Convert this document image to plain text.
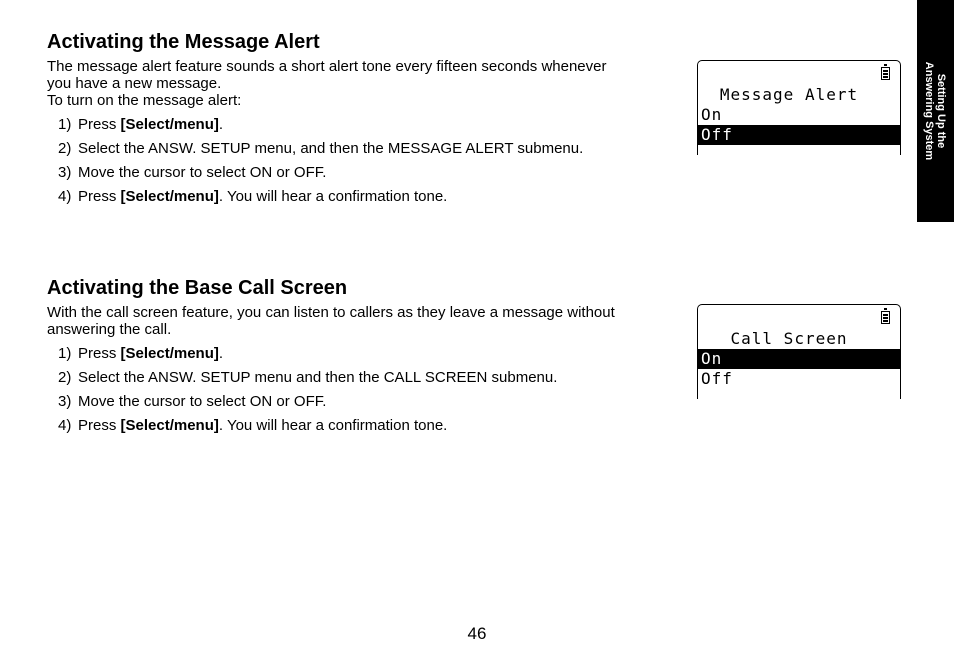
Activating the Message Alert

The message alert feature sounds a short alert tone every fifteen seconds whenever
you have a new message.
To turn on the message alert:

1) Press [Select/menu].
2) Select the ANSW. SETUP menu, and then the MESSAGE ALERT submenu.
3) Move the cursor to select ON or OFF.
4) Press [Select/menu]. You will hear a confirmation tone.
Message Alert
On
Off
Activating the Base Call Screen

With the call screen feature, you can listen to callers as they leave a message without
answering the call.

1) Press [Select/menu].
2) Select the ANSW. SETUP menu and then the CALL SCREEN submenu.
3) Move the cursor to select ON or OFF.
4) Press [Select/menu]. You will hear a confirmation tone.
Call Screen
On
Off
Setting Up the
Answering System
46
